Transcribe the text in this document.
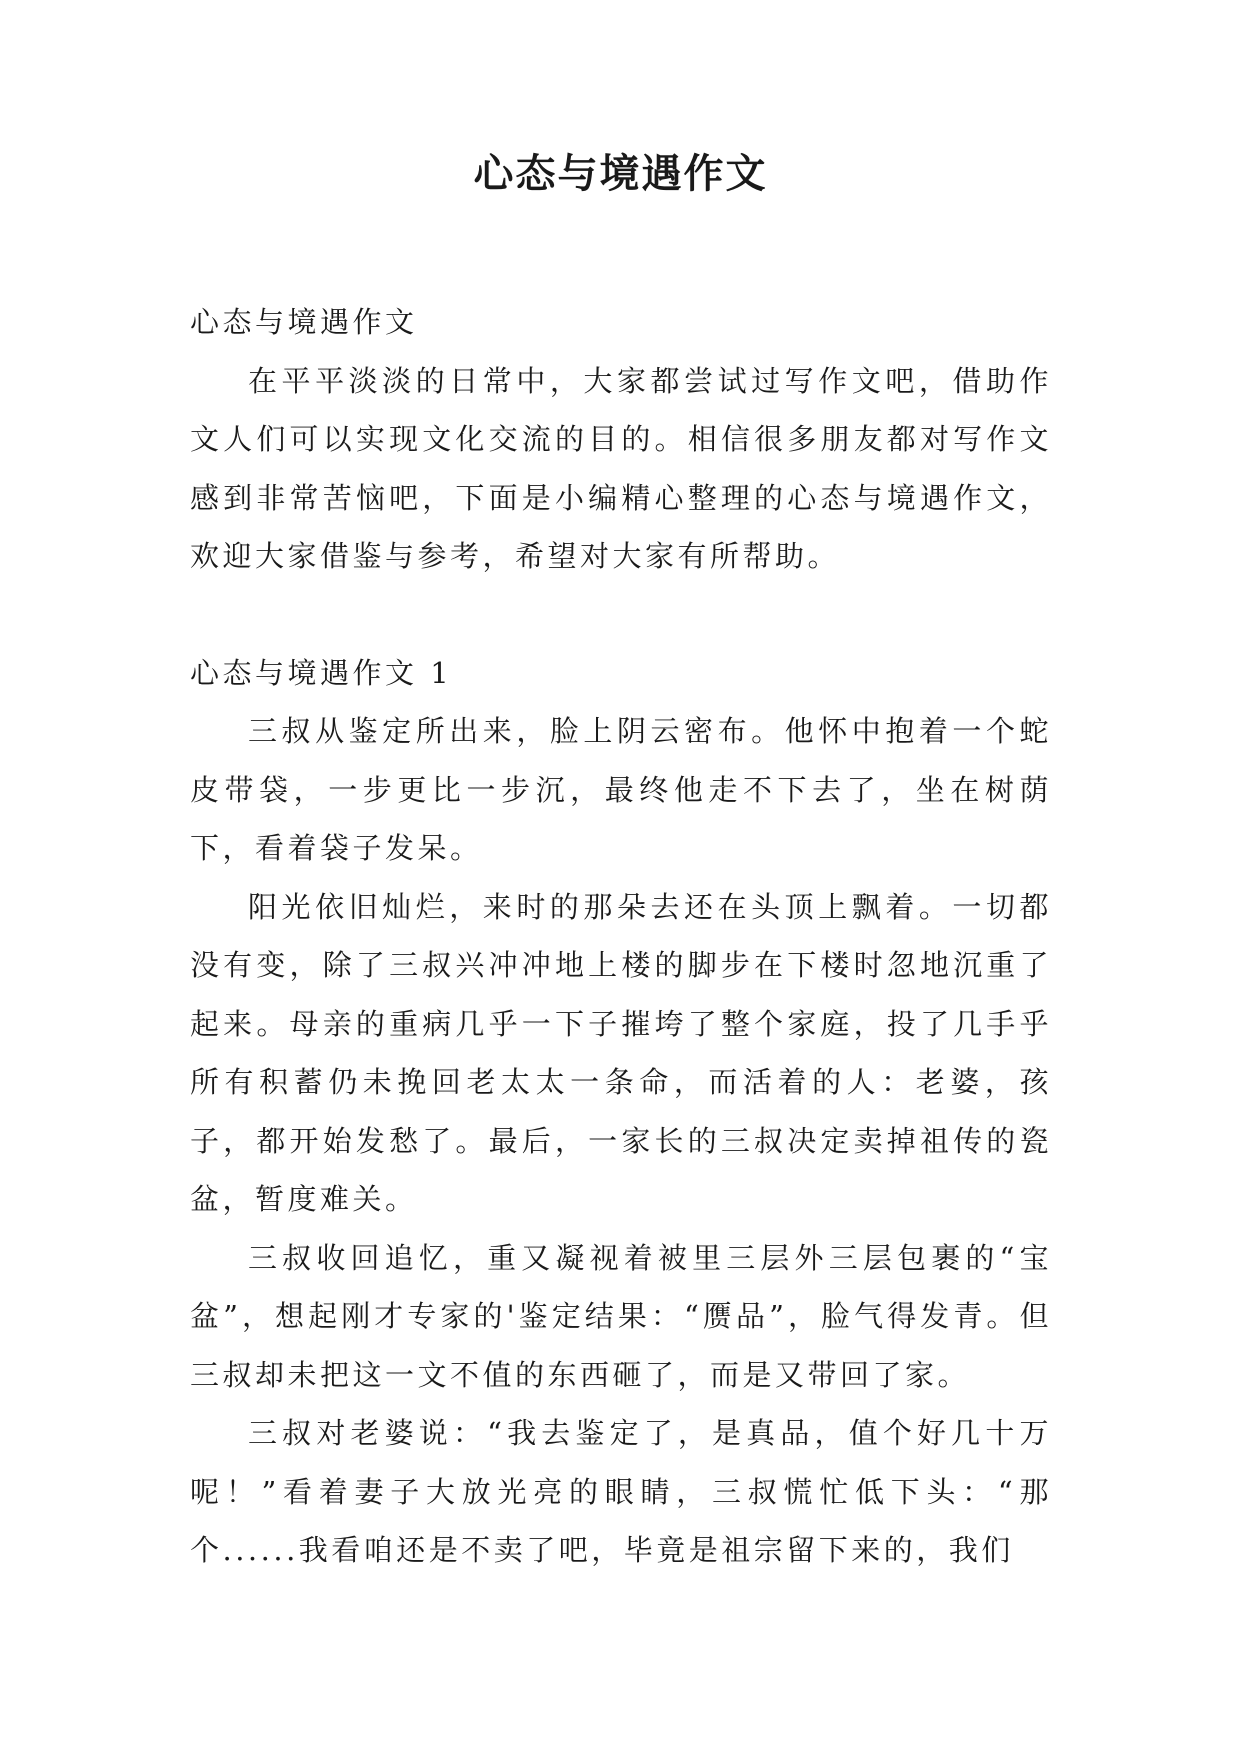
心态与境遇作文

心态与境遇作文

在平平淡淡的日常中，大家都尝试过写作文吧，借助作文人们可以实现文化交流的目的。相信很多朋友都对写作文感到非常苦恼吧，下面是小编精心整理的心态与境遇作文，欢迎大家借鉴与参考，希望对大家有所帮助。

心态与境遇作文 1

三叔从鉴定所出来，脸上阴云密布。他怀中抱着一个蛇皮带袋，一步更比一步沉，最终他走不下去了，坐在树荫下，看着袋子发呆。

阳光依旧灿烂，来时的那朵去还在头顶上飘着。一切都没有变，除了三叔兴冲冲地上楼的脚步在下楼时忽地沉重了起来。母亲的重病几乎一下子摧垮了整个家庭，投了几手乎所有积蓄仍未挽回老太太一条命，而活着的人：老婆，孩子，都开始发愁了。最后，一家长的三叔决定卖掉祖传的瓷盆，暂度难关。

三叔收回追忆，重又凝视着被里三层外三层包裹的“宝盆”，想起刚才专家的'鉴定结果：“赝品”，脸气得发青。但三叔却未把这一文不值的东西砸了，而是又带回了家。

三叔对老婆说：“我去鉴定了，是真品，值个好几十万呢！”看着妻子大放光亮的眼睛，三叔慌忙低下头：“那个......我看咱还是不卖了吧，毕竟是祖宗留下来的，我们
